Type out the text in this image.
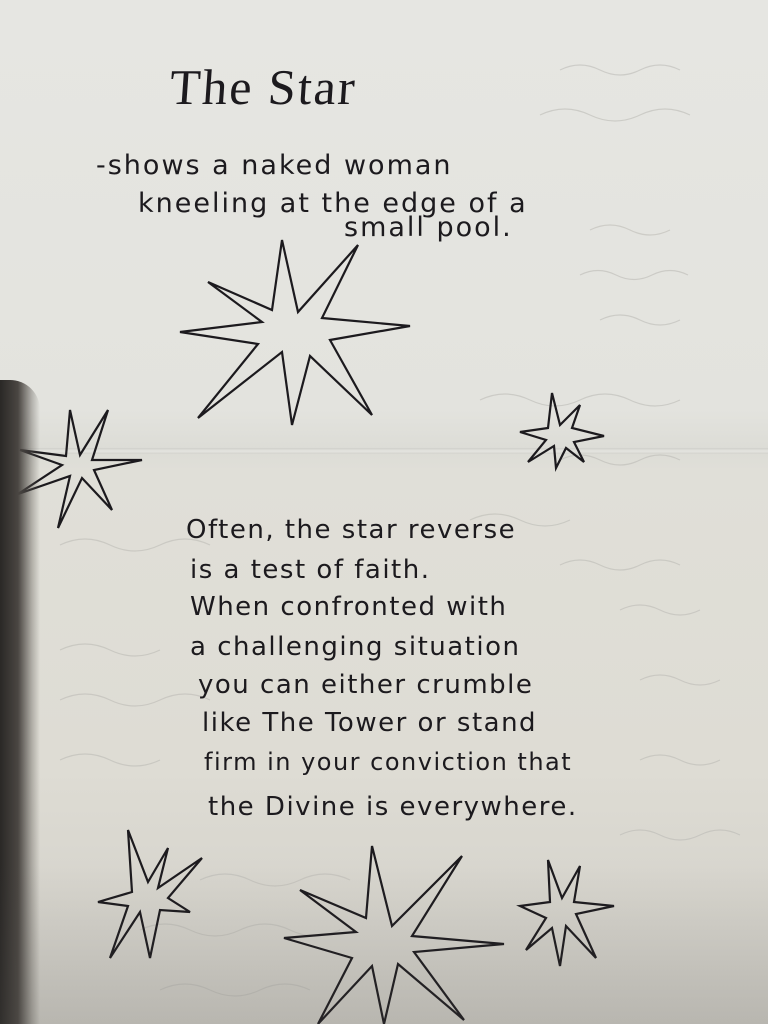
The Star
-shows a naked woman
kneeling at the edge of a
small pool.
Often, the star reverse
is a test of faith.
When confronted with
a challenging situation
you can either crumble
like The Tower or stand
firm in your conviction that
the Divine is everywhere.
